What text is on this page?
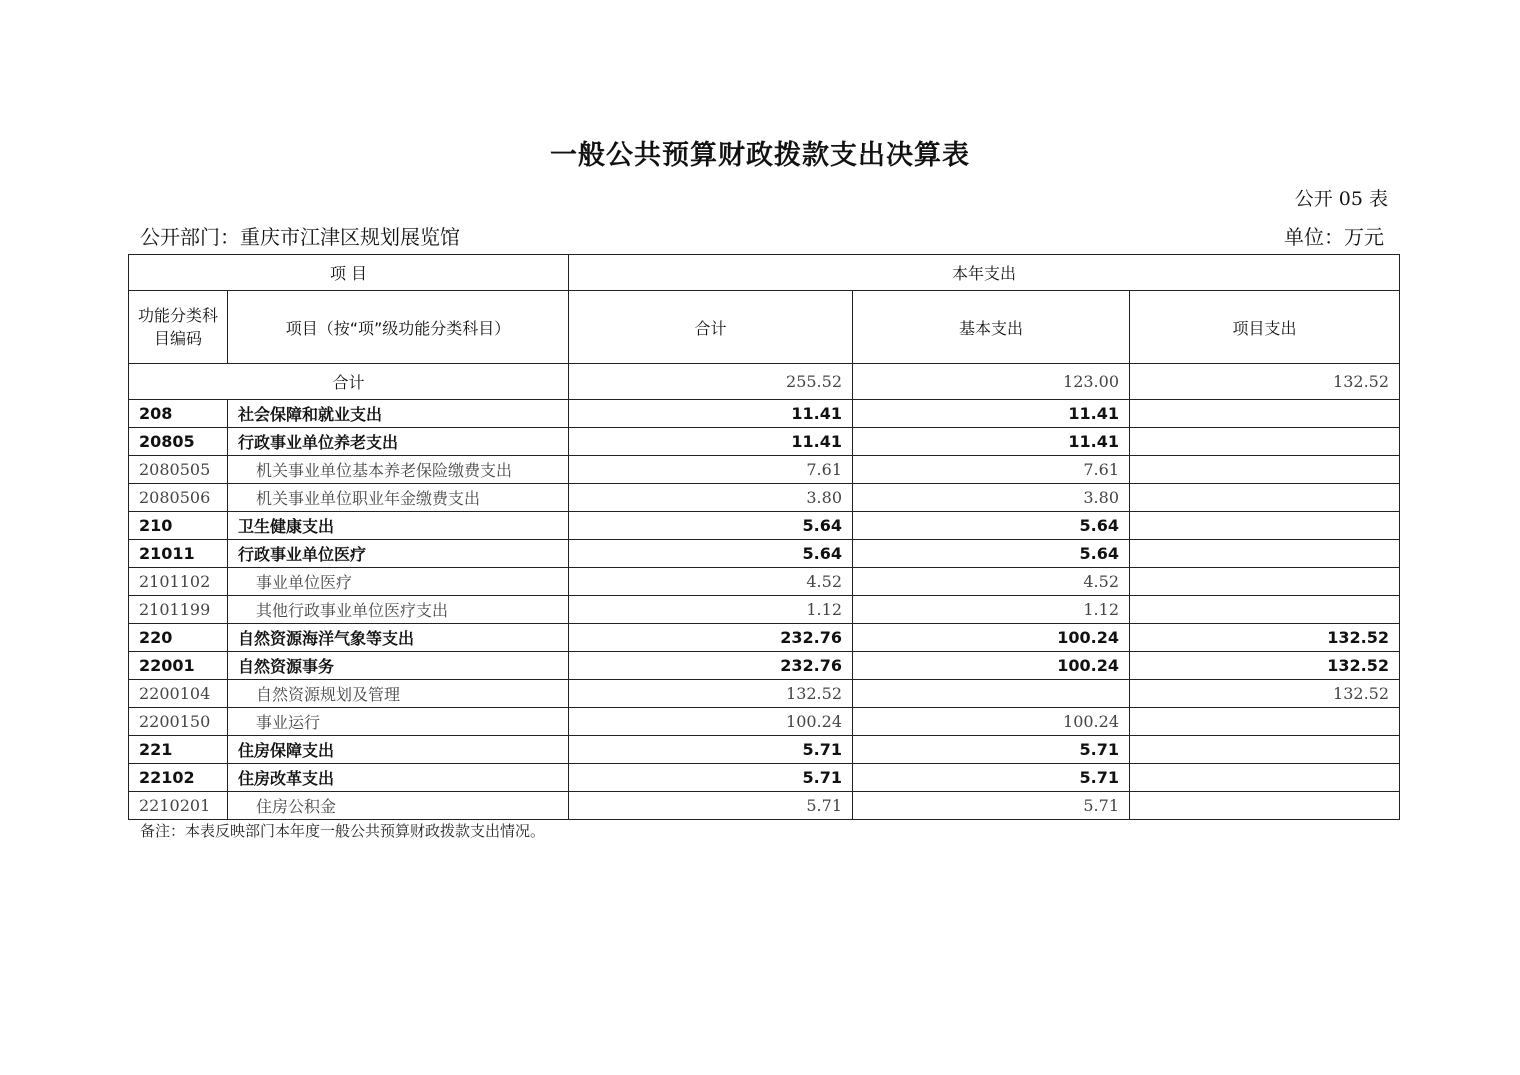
一般公共预算财政拨款支出决算表
公开 05 表
公开部门：重庆市江津区规划展览馆	单位：万元
项 目		本年支出		
功能分类科目编码	项目（按“项”级功能分类科目）	合计	基本支出	项目支出
合计		255.52	123.00	132.52
208	社会保障和就业支出	11.41	11.41	
20805	行政事业单位养老支出	11.41	11.41	
2080505	机关事业单位基本养老保险缴费支出	7.61	7.61	
2080506	机关事业单位职业年金缴费支出	3.80	3.80	
210	卫生健康支出	5.64	5.64	
21011	行政事业单位医疗	5.64	5.64	
2101102	事业单位医疗	4.52	4.52	
2101199	其他行政事业单位医疗支出	1.12	1.12	
220	自然资源海洋气象等支出	232.76	100.24	132.52
22001	自然资源事务	232.76	100.24	132.52
2200104	自然资源规划及管理	132.52		132.52
2200150	事业运行	100.24	100.24	
221	住房保障支出	5.71	5.71	
22102	住房改革支出	5.71	5.71	
2210201	住房公积金	5.71	5.71	
备注：本表反映部门本年度一般公共预算财政拨款支出情况。
